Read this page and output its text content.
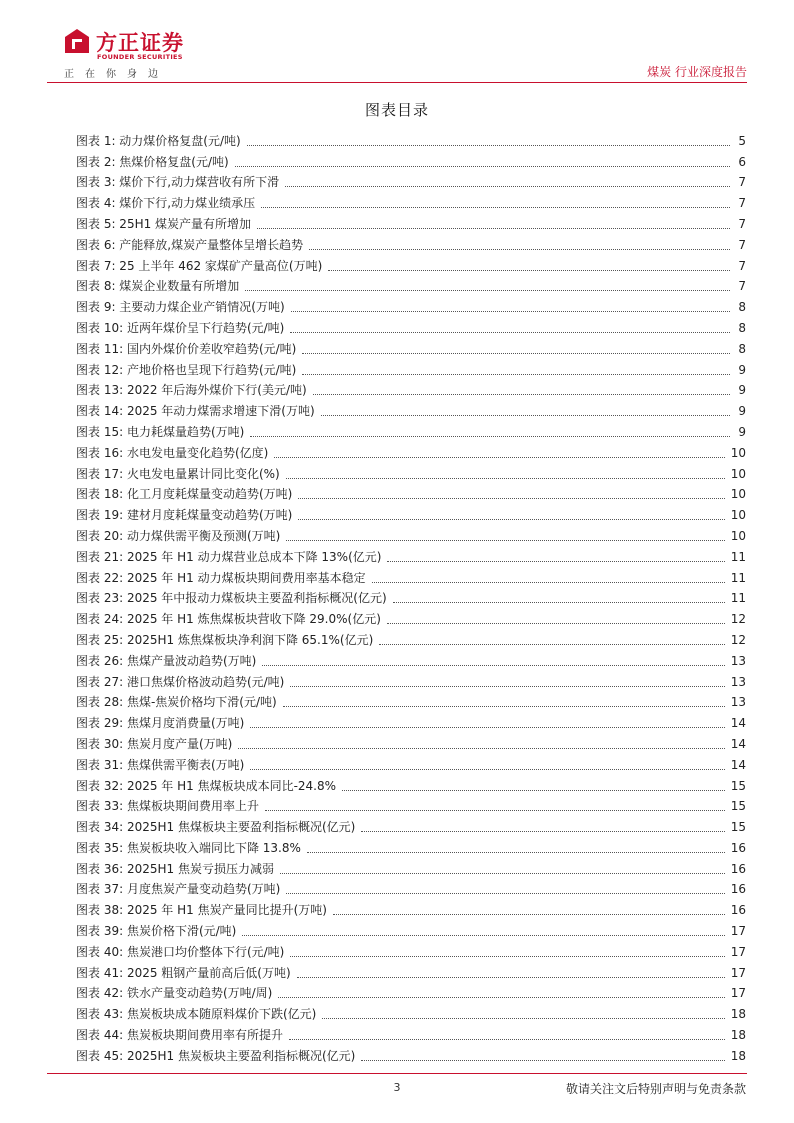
方正证券
FOUNDER SECURITIES
正在你身边	煤炭 行业深度报告
图表目录
图表 1: 动力煤价格复盘(元/吨)	5
图表 2: 焦煤价格复盘(元/吨)	6
图表 3: 煤价下行,动力煤营收有所下滑	7
图表 4: 煤价下行,动力煤业绩承压	7
图表 5: 25H1 煤炭产量有所增加	7
图表 6: 产能释放,煤炭产量整体呈增长趋势	7
图表 7: 25 上半年 462 家煤矿产量高位(万吨)	7
图表 8: 煤炭企业数量有所增加	7
图表 9: 主要动力煤企业产销情况(万吨)	8
图表 10: 近两年煤价呈下行趋势(元/吨)	8
图表 11: 国内外煤价价差收窄趋势(元/吨)	8
图表 12: 产地价格也呈现下行趋势(元/吨)	9
图表 13: 2022 年后海外煤价下行(美元/吨)	9
图表 14: 2025 年动力煤需求增速下滑(万吨)	9
图表 15: 电力耗煤量趋势(万吨)	9
图表 16: 水电发电量变化趋势(亿度)	10
图表 17: 火电发电量累计同比变化(%)	10
图表 18: 化工月度耗煤量变动趋势(万吨)	10
图表 19: 建材月度耗煤量变动趋势(万吨)	10
图表 20: 动力煤供需平衡及预测(万吨)	10
图表 21: 2025 年 H1 动力煤营业总成本下降 13%(亿元)	11
图表 22: 2025 年 H1 动力煤板块期间费用率基本稳定	11
图表 23: 2025 年中报动力煤板块主要盈利指标概况(亿元)	11
图表 24: 2025 年 H1 炼焦煤板块营收下降 29.0%(亿元)	12
图表 25: 2025H1 炼焦煤板块净利润下降 65.1%(亿元)	12
图表 26: 焦煤产量波动趋势(万吨)	13
图表 27: 港口焦煤价格波动趋势(元/吨)	13
图表 28: 焦煤-焦炭价格均下滑(元/吨)	13
图表 29: 焦煤月度消费量(万吨)	14
图表 30: 焦炭月度产量(万吨)	14
图表 31: 焦煤供需平衡表(万吨)	14
图表 32: 2025 年 H1 焦煤板块成本同比-24.8%	15
图表 33: 焦煤板块期间费用率上升	15
图表 34: 2025H1 焦煤板块主要盈利指标概况(亿元)	15
图表 35: 焦炭板块收入端同比下降 13.8%	16
图表 36: 2025H1 焦炭亏损压力减弱	16
图表 37: 月度焦炭产量变动趋势(万吨)	16
图表 38: 2025 年 H1 焦炭产量同比提升(万吨)	16
图表 39: 焦炭价格下滑(元/吨)	17
图表 40: 焦炭港口均价整体下行(元/吨)	17
图表 41: 2025 粗钢产量前高后低(万吨)	17
图表 42: 铁水产量变动趋势(万吨/周)	17
图表 43: 焦炭板块成本随原料煤价下跌(亿元)	18
图表 44: 焦炭板块期间费用率有所提升	18
图表 45: 2025H1 焦炭板块主要盈利指标概况(亿元)	18
3	敬请关注文后特别声明与免责条款
